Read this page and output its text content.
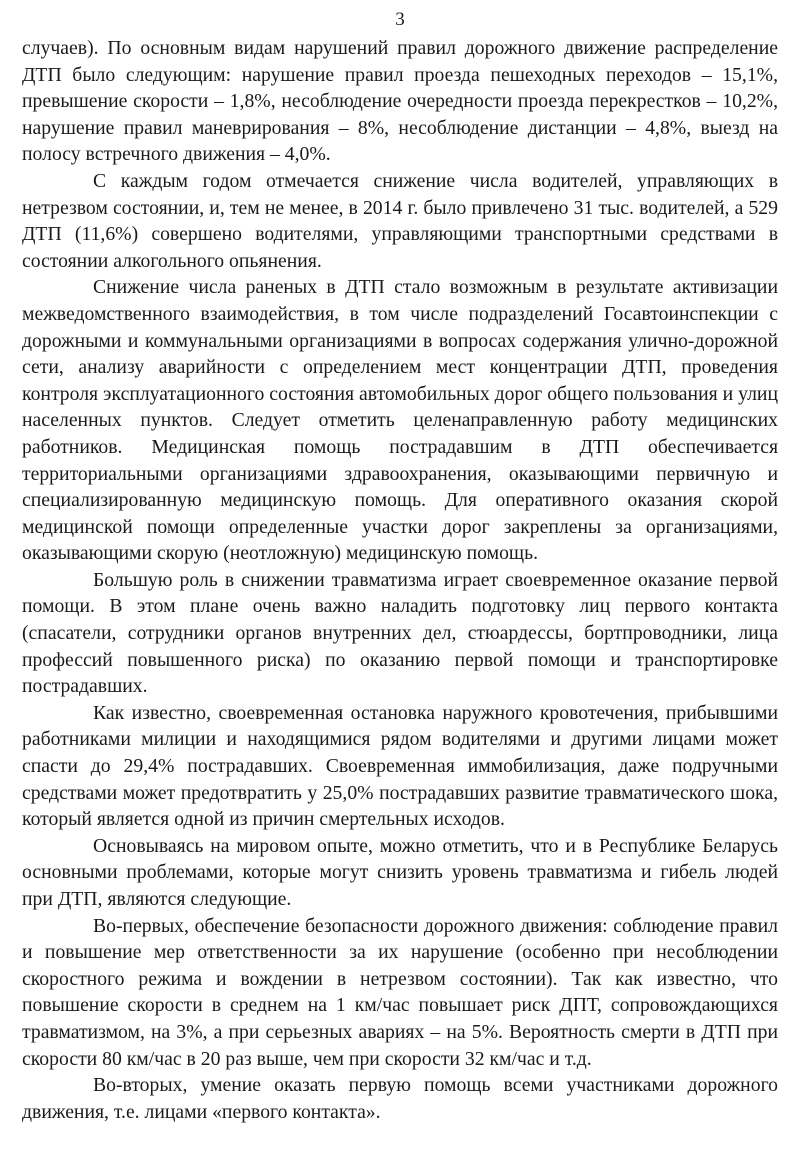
3

случаев). По основным видам нарушений правил дорожного движение распределение ДТП было следующим: нарушение правил проезда пешеходных переходов – 15,1%, превышение скорости – 1,8%, несоблюдение очередности проезда перекрестков – 10,2%, нарушение правил маневрирования – 8%, несоблюдение дистанции – 4,8%, выезд на полосу встречного движения – 4,0%.

С каждым годом отмечается снижение числа водителей, управляющих в нетрезвом состоянии, и, тем не менее, в 2014 г. было привлечено 31 тыс. водителей, а 529 ДТП (11,6%) совершено водителями, управляющими транспортными средствами в состоянии алкогольного опьянения.

Снижение числа раненых в ДТП стало возможным в результате активизации межведомственного взаимодействия, в том числе подразделений Госавтоинспекции с дорожными и коммунальными организациями в вопросах содержания улично-дорожной сети, анализу аварийности с определением мест концентрации ДТП, проведения контроля эксплуатационного состояния автомобильных дорог общего пользования и улиц населенных пунктов. Следует отметить целенаправленную работу медицинских работников. Медицинская помощь пострадавшим в ДТП обеспечивается территориальными организациями здравоохранения, оказывающими первичную и специализированную медицинскую помощь. Для оперативного оказания скорой медицинской помощи определенные участки дорог закреплены за организациями, оказывающими скорую (неотложную) медицинскую помощь.

Большую роль в снижении травматизма играет своевременное оказание первой помощи. В этом плане очень важно наладить подготовку лиц первого контакта (спасатели, сотрудники органов внутренних дел, стюардессы, бортпроводники, лица профессий повышенного риска) по оказанию первой помощи и транспортировке пострадавших.

Как известно, своевременная остановка наружного кровотечения, прибывшими работниками милиции и находящимися рядом водителями и другими лицами может спасти до 29,4% пострадавших. Своевременная иммобилизация, даже подручными средствами может предотвратить у 25,0% пострадавших развитие травматического шока, который является одной из причин смертельных исходов.

Основываясь на мировом опыте, можно отметить, что и в Республике Беларусь основными проблемами, которые могут снизить уровень травматизма и гибель людей при ДТП, являются следующие.

Во-первых, обеспечение безопасности дорожного движения: соблюдение правил и повышение мер ответственности за их нарушение (особенно при несоблюдении скоростного режима и вождении в нетрезвом состоянии). Так как известно, что повышение скорости в среднем на 1 км/час повышает риск ДПТ, сопровождающихся травматизмом, на 3%, а при серьезных авариях – на 5%. Вероятность смерти в ДТП при скорости 80 км/час в 20 раз выше, чем при скорости 32 км/час и т.д.

Во-вторых, умение оказать первую помощь всеми участниками дорожного движения, т.е. лицами «первого контакта».
